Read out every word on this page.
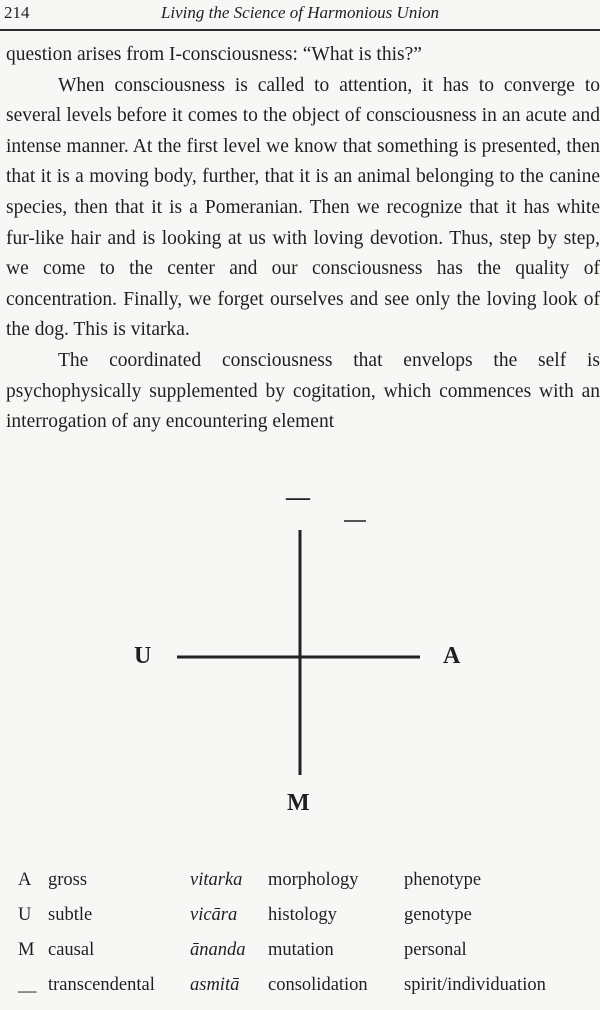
214	Living the Science of Harmonious Union

question arises from I-consciousness: “What is this?”

When consciousness is called to attention, it has to converge to several levels before it comes to the object of consciousness in an acute and intense manner. At the first level we know that something is presented, then that it is a moving body, further, that it is an animal belonging to the canine species, then that it is a Pomeranian. Then we recognize that it has white fur-like hair and is looking at us with loving devotion. Thus, step by step, we come to the center and our consciousness has the quality of concentration. Finally, we forget ourselves and see only the loving look of the dog. This is vitarka.

The coordinated consciousness that envelops the self is psychophysically supplemented by cogitation, which commences with an interrogation of any encountering element

—
U	A
M
A	gross	vitarka	morphology	phenotype
U	subtle	vicāra	histology	genotype
M	causal	ānanda	mutation	personal
__	transcendental	asmitā	consolidation	spirit/individuation
